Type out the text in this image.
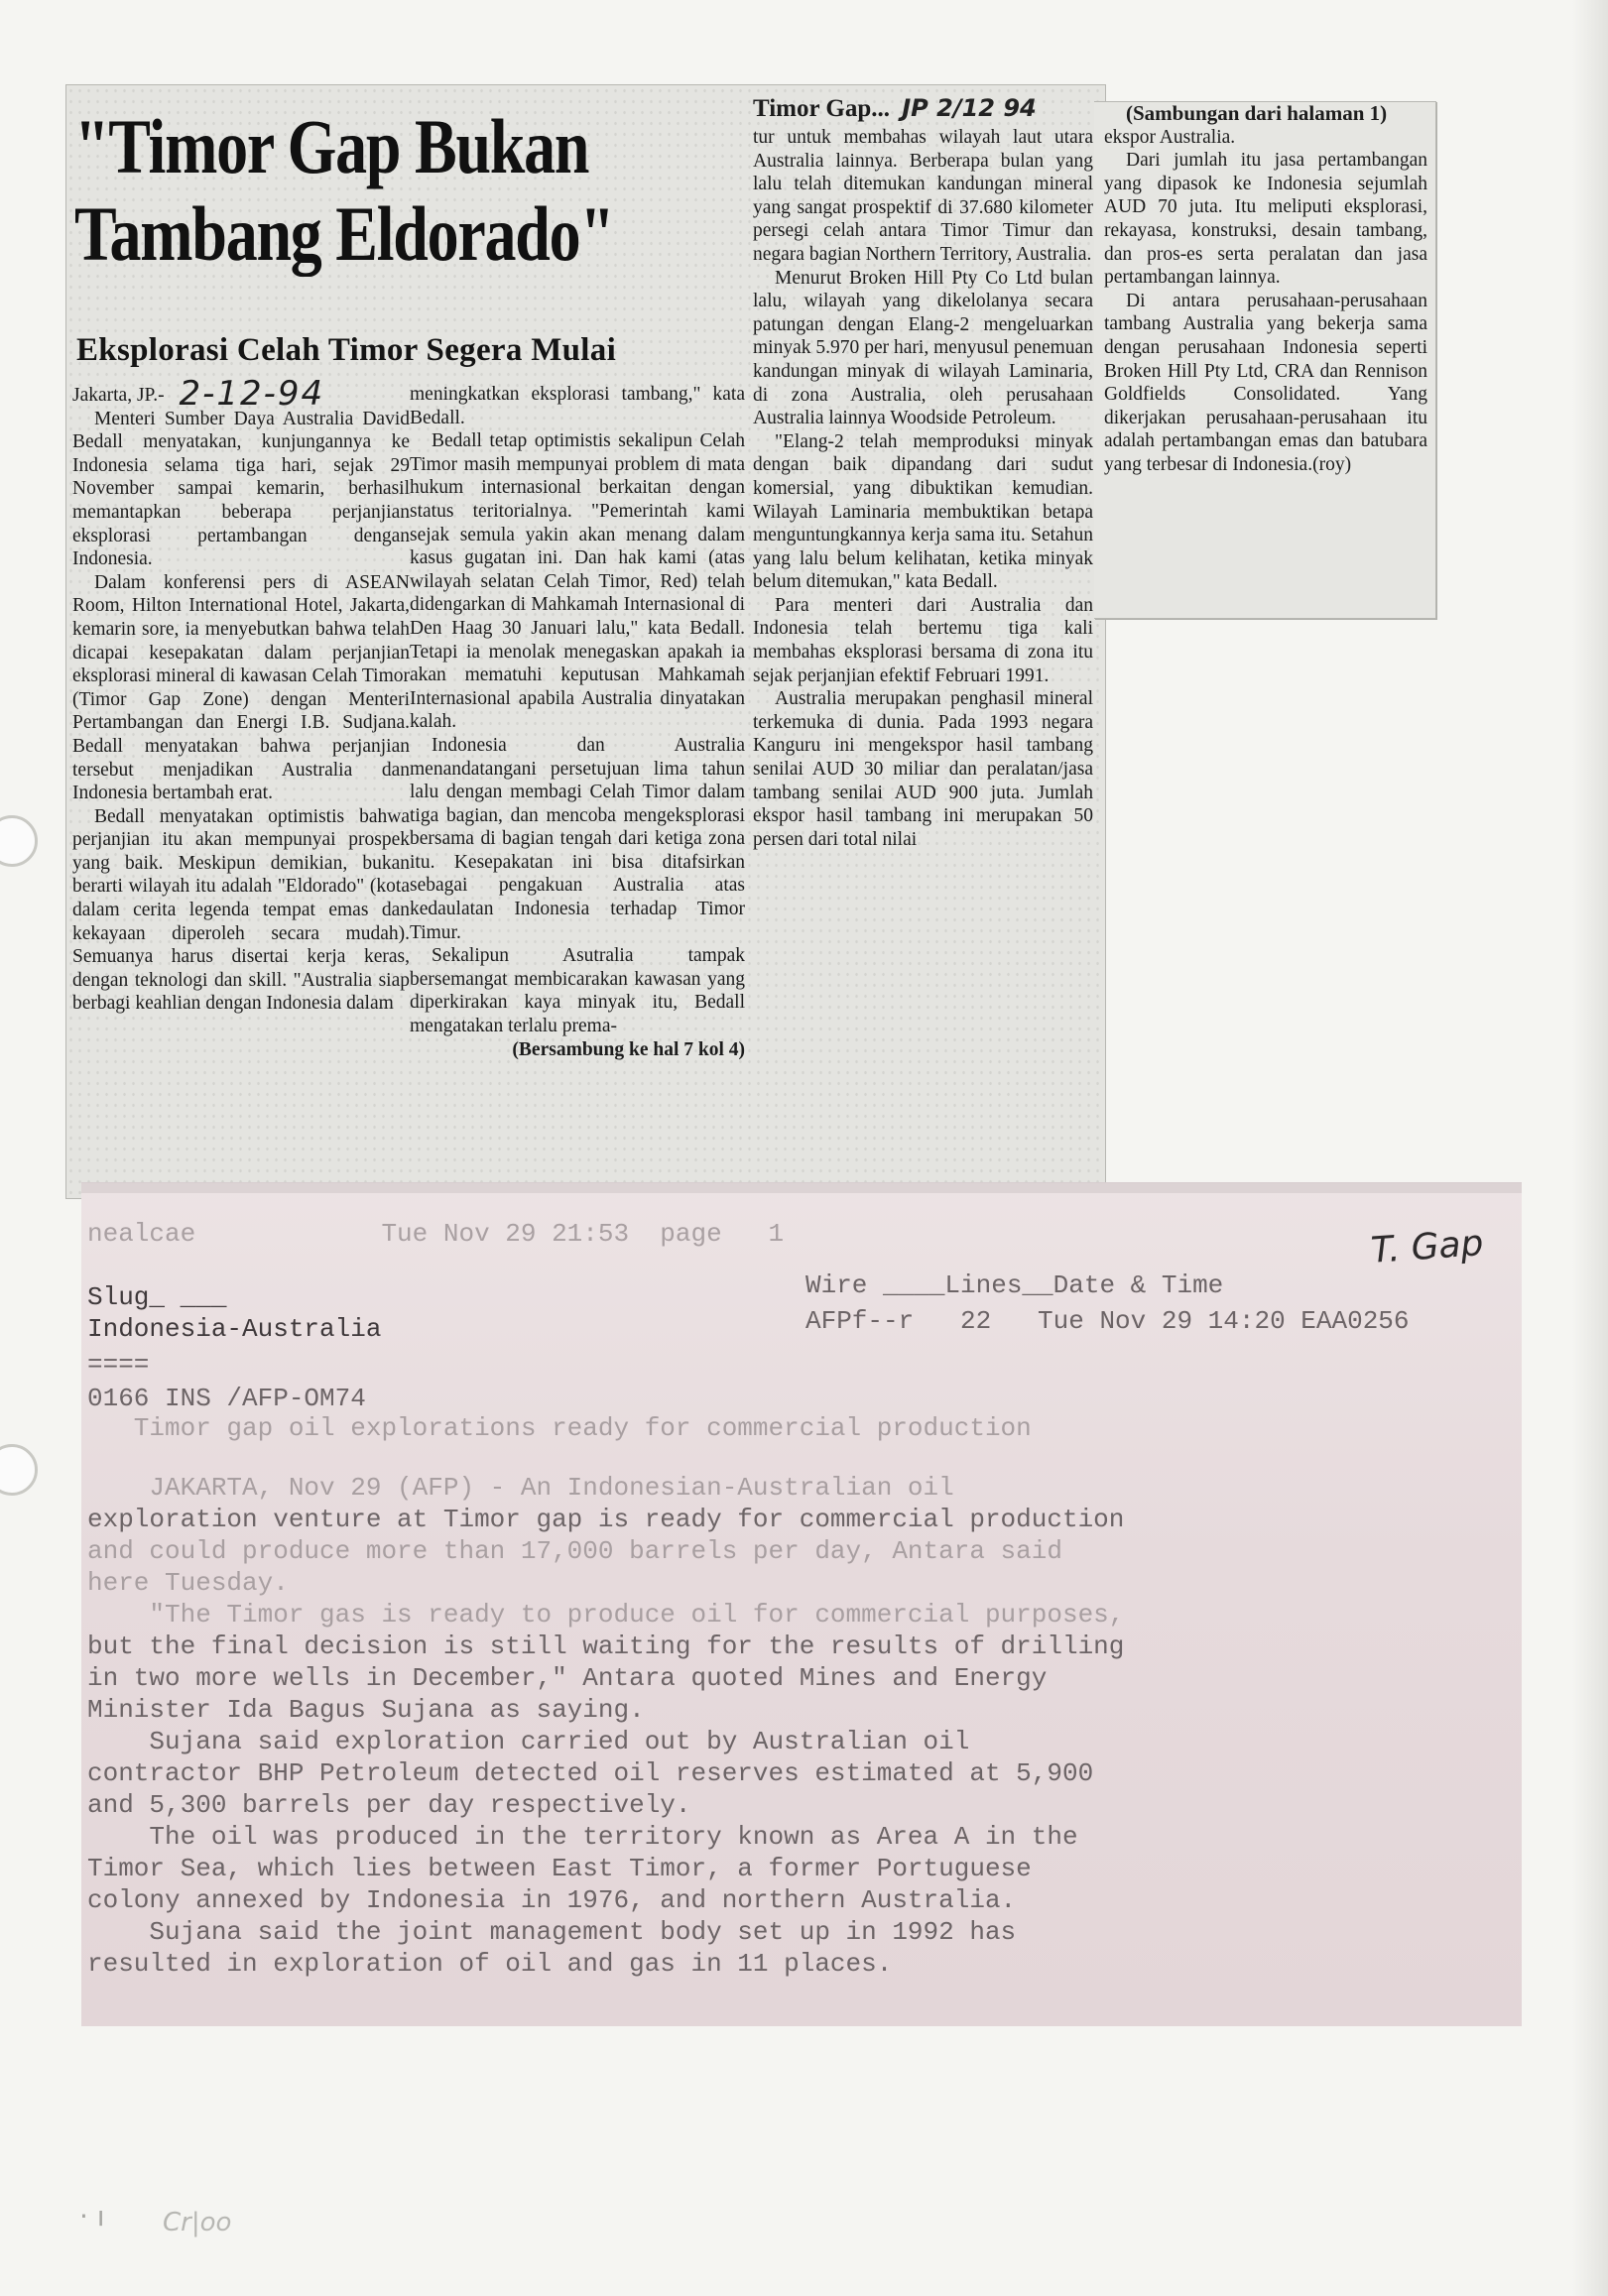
"Timor Gap Bukan Tambang Eldorado"
Eksplorasi Celah Timor Segera Mulai

Jakarta, JP.- 2-12-94

Menteri Sumber Daya Australia David Bedall menyatakan, kunjungannya ke Indonesia selama tiga hari, sejak 29 November sampai kemarin, berhasil memantapkan beberapa perjanjian eksplorasi pertambangan dengan Indonesia.

Dalam konferensi pers di ASEAN Room, Hilton International Hotel, Jakarta, kemarin sore, ia menyebutkan bahwa telah dicapai kesepakatan dalam perjanjian eksplorasi mineral di kawasan Celah Timor (Timor Gap Zone) dengan Menteri Pertambangan dan Energi I.B. Sudjana. Bedall menyatakan bahwa perjanjian tersebut menjadikan Australia dan Indonesia bertambah erat.

Bedall menyatakan optimistis bahwa perjanjian itu akan mempunyai prospek yang baik. Meskipun demikian, bukan berarti wilayah itu adalah "Eldorado" (kota dalam cerita legenda tempat emas dan kekayaan diperoleh secara mudah). Semuanya harus disertai kerja keras, dengan teknologi dan skill. "Australia siap berbagi keahlian dengan Indonesia dalam

meningkatkan eksplorasi tambang," kata Bedall.

Bedall tetap optimistis sekalipun Celah Timor masih mempunyai problem di mata hukum internasional berkaitan dengan status teritorialnya. "Pemerintah kami sejak semula yakin akan menang dalam kasus gugatan ini. Dan hak kami (atas wilayah selatan Celah Timor, Red) telah didengarkan di Mahkamah Internasional di Den Haag 30 Januari lalu," kata Bedall. Tetapi ia menolak menegaskan apakah ia akan mematuhi keputusan Mahkamah Internasional apabila Australia dinyatakan kalah.

Indonesia dan Australia menandatangani persetujuan lima tahun lalu dengan membagi Celah Timor dalam tiga bagian, dan mencoba mengeksplorasi bersama di bagian tengah dari ketiga zona itu. Kesepakatan ini bisa ditafsirkan sebagai pengakuan Australia atas kedaulatan Indonesia terhadap Timor Timur.

Sekalipun Asutralia tampak bersemangat membicarakan kawasan yang diperkirakan kaya minyak itu, Bedall mengatakan terlalu prema-

(Bersambung ke hal 7 kol 4)

Timor Gap... JP 2/12 94

tur untuk membahas wilayah laut utara Australia lainnya. Berberapa bulan yang lalu telah ditemukan kandungan mineral yang sangat prospektif di 37.680 kilometer persegi celah antara Timor Timur dan negara bagian Northern Territory, Australia.

Menurut Broken Hill Pty Co Ltd bulan lalu, wilayah yang dikelolanya secara patungan dengan Elang-2 mengeluarkan minyak 5.970 per hari, menyusul penemuan kandungan minyak di wilayah Laminaria, di zona Australia, oleh perusahaan Australia lainnya Woodside Petroleum.

"Elang-2 telah memproduksi minyak dengan baik dipandang dari sudut komersial, yang dibuktikan kemudian. Wilayah Laminaria membuktikan betapa menguntungkannya kerja sama itu. Setahun yang lalu belum kelihatan, ketika minyak belum ditemukan," kata Bedall.

Para menteri dari Australia dan Indonesia telah bertemu tiga kali membahas eksplorasi bersama di zona itu sejak perjanjian efektif Februari 1991.

Australia merupakan penghasil mineral terkemuka di dunia. Pada 1993 negara Kanguru ini mengekspor hasil tambang senilai AUD 30 miliar dan peralatan/jasa tambang senilai AUD 900 juta. Jumlah ekspor hasil tambang ini merupakan 50 persen dari total nilai

(Sambungan dari halaman 1)

ekspor Australia.

Dari jumlah itu jasa pertambangan yang dipasok ke Indonesia sejumlah AUD 70 juta. Itu meliputi eksplorasi, rekayasa, konstruksi, desain tambang, dan pros-es serta peralatan dan jasa pertambangan lainnya.

Di antara perusahaan-perusahaan tambang Australia yang bekerja sama dengan perusahaan Indonesia seperti Broken Hill Pty Ltd, CRA dan Rennison Goldfields Consolidated. Yang dikerjakan perusahaan-perusahaan itu adalah pertambangan emas dan batubara yang terbesar di Indonesia.(roy)

nealcae            Tue Nov 29 21:53  page   1	T. Gap
Slug_ ___	Wire ____Lines__Date & Time
Indonesia-Australia	AFPf--r   22   Tue Nov 29 14:20 EAA0256
====
0166 INS /AFP-OM74
Timor gap oil explorations ready for commercial production
JAKARTA, Nov 29 (AFP) - An Indonesian-Australian oil
exploration venture at Timor gap is ready for commercial production
and could produce more than 17,000 barrels per day, Antara said
here Tuesday.
"The Timor gas is ready to produce oil for commercial purposes,
but the final decision is still waiting for the results of drilling
in two more wells in December," Antara quoted Mines and Energy
Minister Ida Bagus Sujana as saying.
Sujana said exploration carried out by Australian oil
contractor BHP Petroleum detected oil reserves estimated at 5,900
and 5,300 barrels per day respectively.
The oil was produced in the territory known as Area A in the
Timor Sea, which lies between East Timor, a former Portuguese
colony annexed by Indonesia in 1976, and northern Australia.
Sujana said the joint management body set up in 1992 has
resulted in exploration of oil and gas in 11 places.
· ı Cr|oo
